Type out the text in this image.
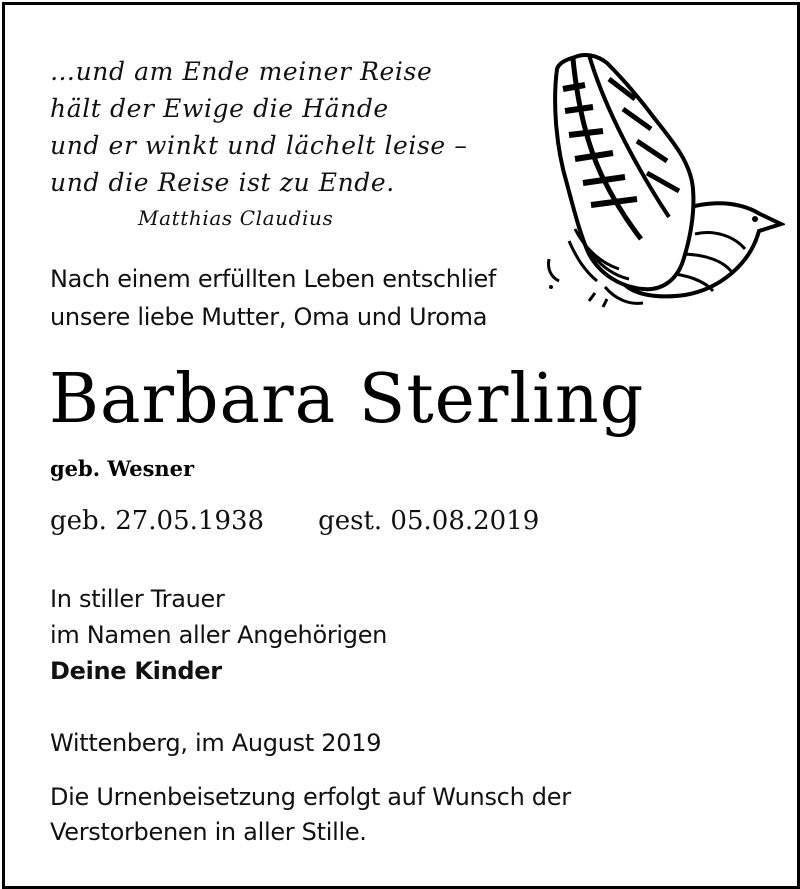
…und am Ende meiner Reise
hält der Ewige die Hände
und er winkt und lächelt leise –
und die Reise ist zu Ende.
Matthias Claudius
Nach einem erfüllten Leben entschlief
unsere liebe Mutter, Oma und Uroma
Barbara Sterling
geb. Wesner
geb. 27.05.1938 gest. 05.08.2019
In stiller Trauer
im Namen aller Angehörigen
Deine Kinder
Wittenberg, im August 2019
Die Urnenbeisetzung erfolgt auf Wunsch der
Verstorbenen in aller Stille.
